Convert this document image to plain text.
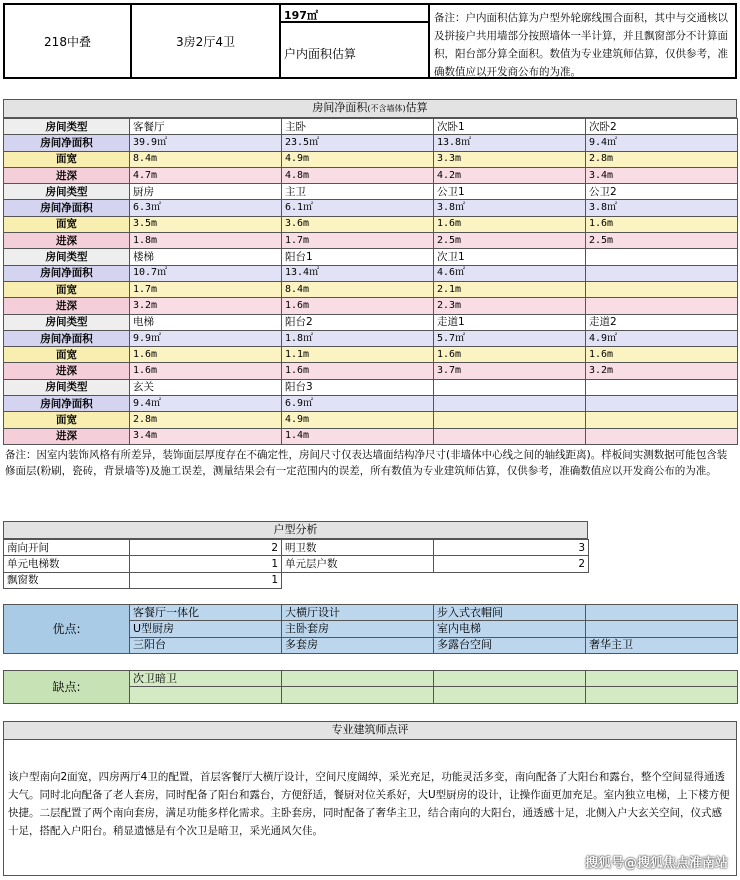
218中叠	3房2厅4卫
197㎡
户内面积估算
备注：户内面积估算为户型外轮廓线围合面积，其中与交通核以及拼接户共用墙部分按照墙体一半计算，并且飘窗部分不计算面积，阳台部分算全面积。数值为专业建筑师估算，仅供参考，准确数值应以开发商公布的为准。
房间净面积(不含墙体)估算
房间类型	客餐厅	主卧	次卧1	次卧2
房间净面积	39.9㎡	23.5㎡	13.8㎡	9.4㎡
面宽	8.4m	4.9m	3.3m	2.8m
进深	4.7m	4.8m	4.2m	3.4m
房间类型	厨房	主卫	公卫1	公卫2
房间净面积	6.3㎡	6.1㎡	3.8㎡	3.8㎡
面宽	3.5m	3.6m	1.6m	1.6m
进深	1.8m	1.7m	2.5m	2.5m
房间类型	楼梯	阳台1	次卫1	
房间净面积	10.7㎡	13.4㎡	4.6㎡	
面宽	1.7m	8.4m	2.1m	
进深	3.2m	1.6m	2.3m	
房间类型	电梯	阳台2	走道1	走道2
房间净面积	9.9㎡	1.8㎡	5.7㎡	4.9㎡
面宽	1.6m	1.1m	1.6m	1.6m
进深	1.6m	1.6m	3.7m	3.2m
房间类型	玄关	阳台3		
房间净面积	9.4㎡	6.9㎡		
面宽	2.8m	4.9m		
进深	3.4m	1.4m		
备注：因室内装饰风格有所差异，装饰面层厚度存在不确定性，房间尺寸仅表达墙面结构净尺寸(非墙体中心线之间的轴线距离)。样板间实测数据可能包含装修面层(粉刷，瓷砖，背景墙等)及施工误差，测量结果会有一定范围内的误差，所有数值为专业建筑师估算，仅供参考，准确数值应以开发商公布的为准。
户型分析
南向开间	2	明卫数	3
单元电梯数	1	单元层户数	2
飘窗数	1		
优点:	客餐厅一体化	大横厅设计	步入式衣帽间	
	U型厨房	主卧套房	室内电梯	
	三阳台	多套房	多露台空间	奢华主卫
缺点:	次卫暗卫			

专业建筑师点评
该户型南向2面宽，四房两厅4卫的配置，首层客餐厅大横厅设计，空间尺度阔绰，采光充足，功能灵活多变，南向配备了大阳台和露台，整个空间显得通透大气。同时北向配备了老人套房，同时配备了阳台和露台，方便舒适，餐厨对位关系好，大U型厨房的设计，让操作面更加充足。室内独立电梯，上下楼方便快捷。二层配置了两个南向套房，满足功能多样化需求。主卧套房，同时配备了奢华主卫，结合南向的大阳台，通透感十足，北侧入户大玄关空间，仪式感十足，搭配入户阳台。稍显遗憾是有个次卫是暗卫，采光通风欠佳。
搜狐号@搜狐焦点淮南站
